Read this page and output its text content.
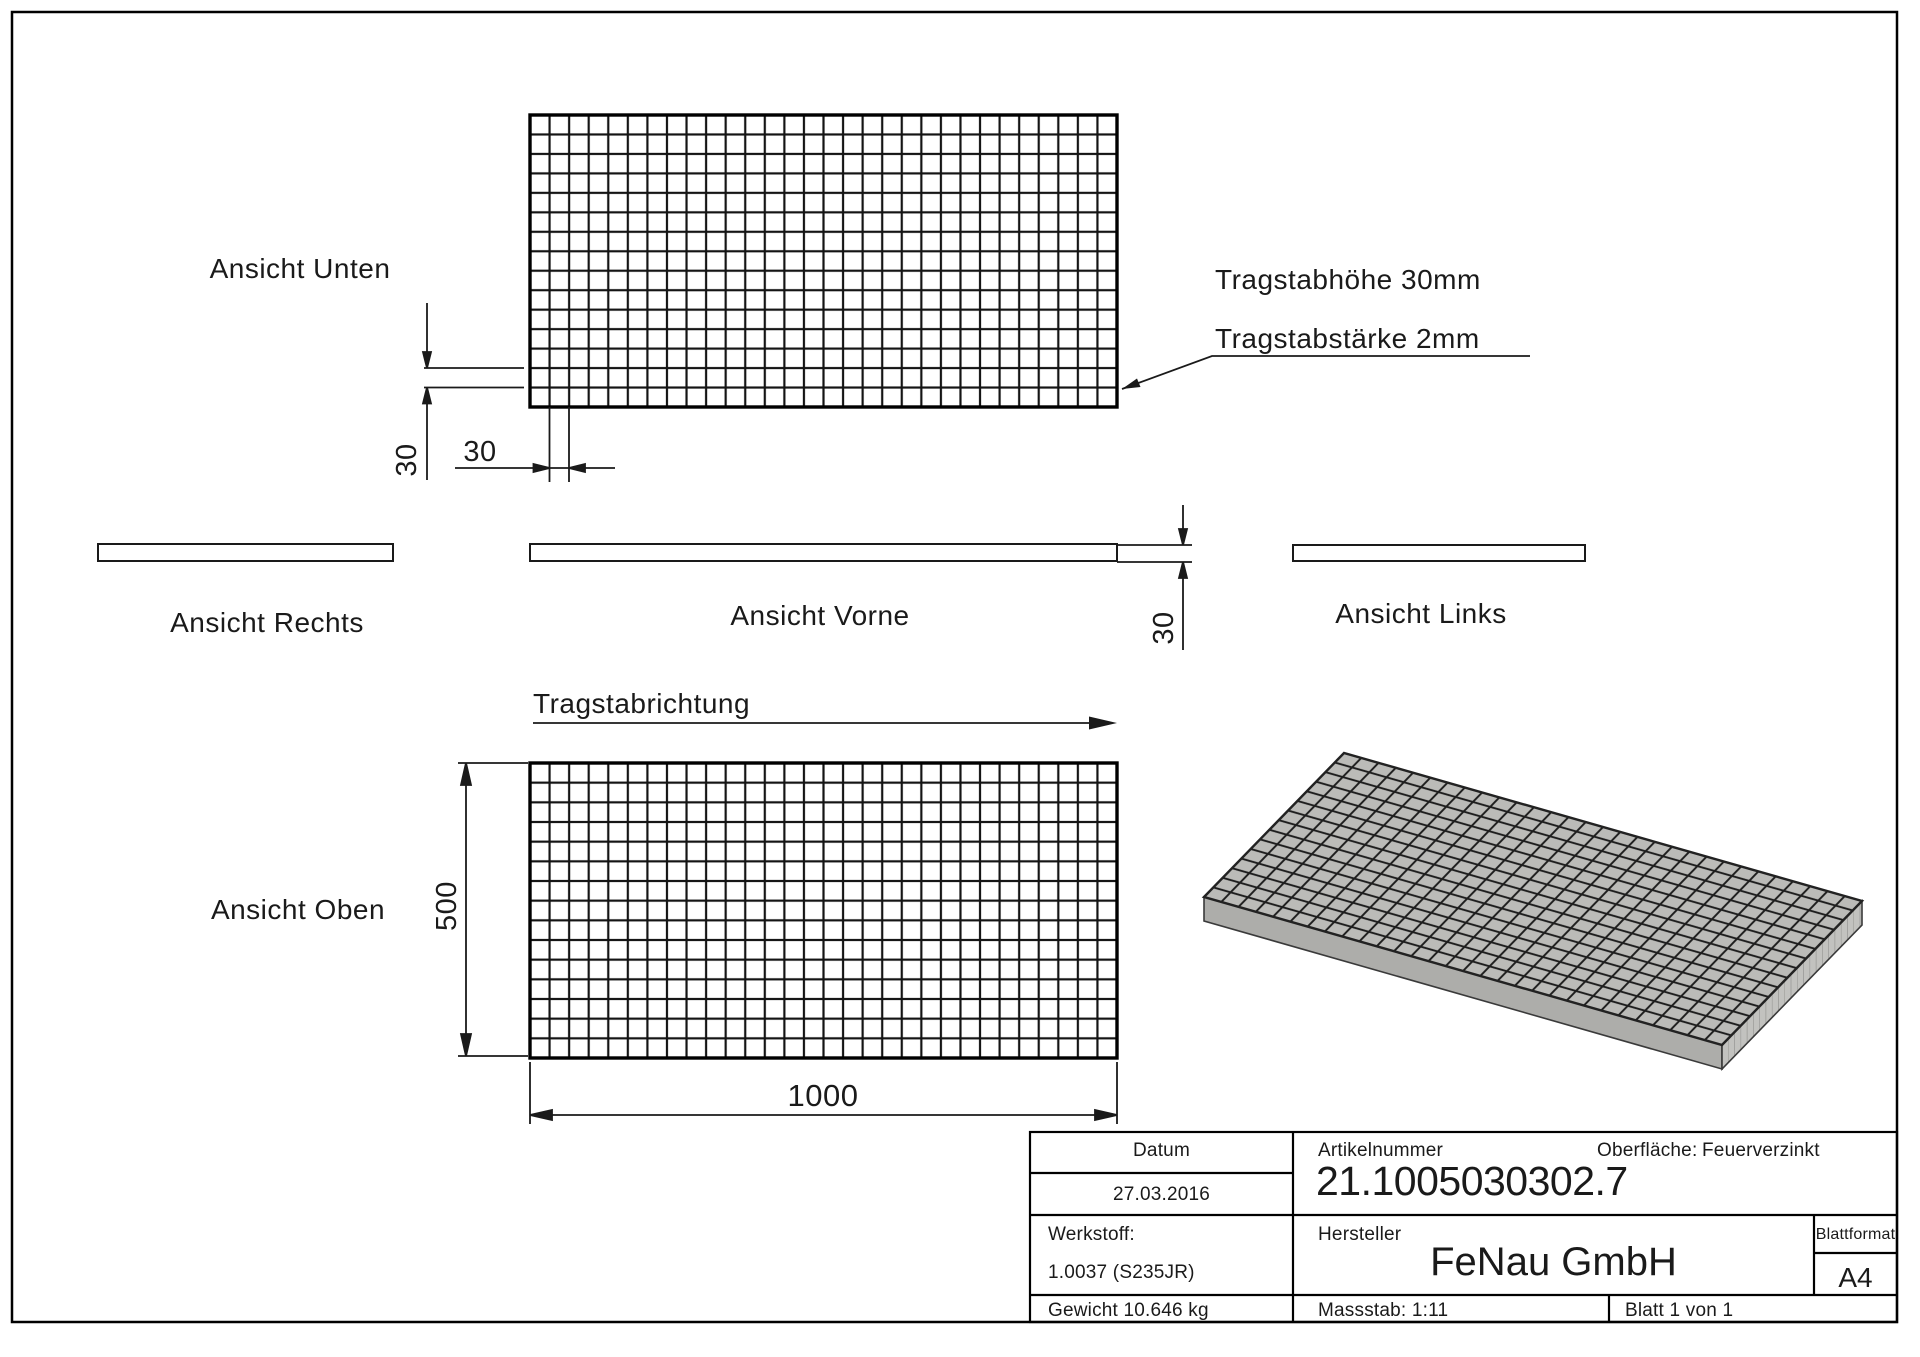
Ansicht Unten
Ansicht Rechts	Ansicht Vorne	Ansicht Links
Ansicht Oben
Tragstabhöhe 30mm
Tragstabstärke 2mm
Tragstabrichtung
30 30
30
500
1000
Datum
27.03.2016
Artikelnummer
21.1005030302.7
Oberfläche: Feuerverzinkt
Werkstoff:
1.0037 (S235JR)
Hersteller
FeNau GmbH
Blattformat
A4
Gewicht 10.646 kg	Massstab: 1:11	Blatt 1 von 1
